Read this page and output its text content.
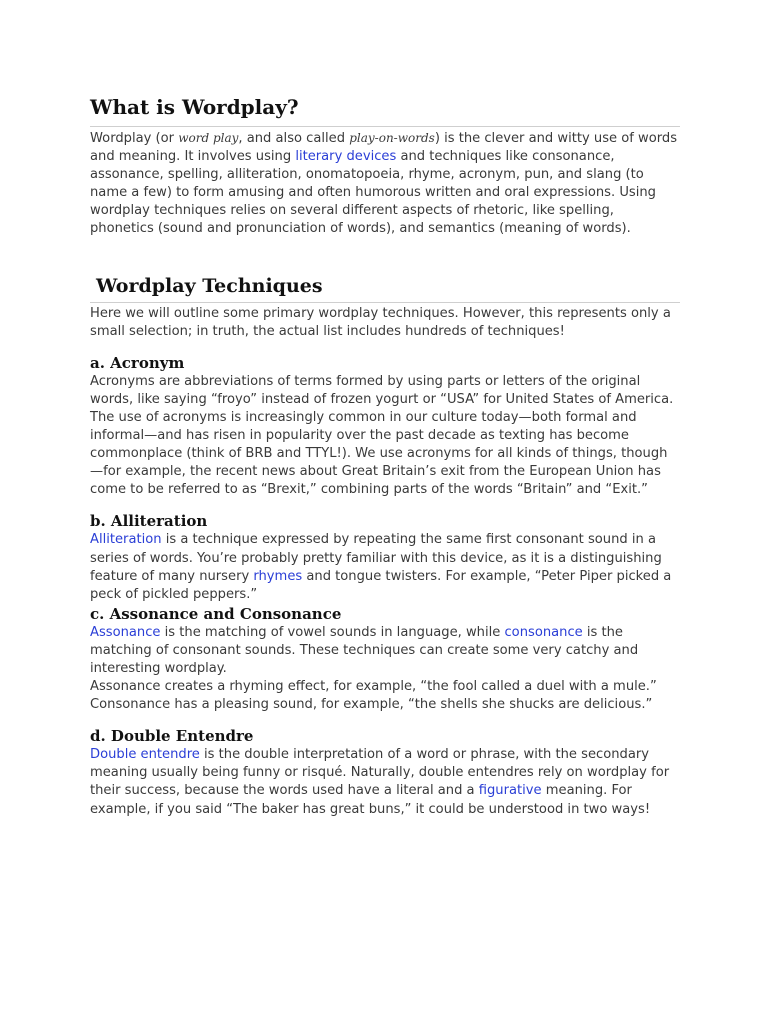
What is Wordplay?

Wordplay (or word play, and also called play-on-words) is the clever and witty use of words and meaning. It involves using literary devices and techniques like consonance, assonance, spelling, alliteration, onomatopoeia, rhyme, acronym, pun, and slang (to name a few) to form amusing and often humorous written and oral expressions. Using wordplay techniques relies on several different aspects of rhetoric, like spelling, phonetics (sound and pronunciation of words), and semantics (meaning of words).

Wordplay Techniques

Here we will outline some primary wordplay techniques. However, this represents only a small selection; in truth, the actual list includes hundreds of techniques!

a. Acronym

Acronyms are abbreviations of terms formed by using parts or letters of the original words, like saying “froyo” instead of frozen yogurt or “USA” for United States of America. The use of acronyms is increasingly common in our culture today—both formal and informal—and has risen in popularity over the past decade as texting has become commonplace (think of BRB and TTYL!). We use acronyms for all kinds of things, though—for example, the recent news about Great Britain’s exit from the European Union has come to be referred to as “Brexit,” combining parts of the words “Britain” and “Exit.”

b. Alliteration

Alliteration is a technique expressed by repeating the same first consonant sound in a series of words. You’re probably pretty familiar with this device, as it is a distinguishing feature of many nursery rhymes and tongue twisters. For example, “Peter Piper picked a peck of pickled peppers.”

c. Assonance and Consonance

Assonance is the matching of vowel sounds in language, while consonance is the matching of consonant sounds. These techniques can create some very catchy and interesting wordplay.

Assonance creates a rhyming effect, for example, “the fool called a duel with a mule.” Consonance has a pleasing sound, for example, “the shells she shucks are delicious.”

d. Double Entendre

Double entendre is the double interpretation of a word or phrase, with the secondary meaning usually being funny or risqué. Naturally, double entendres rely on wordplay for their success, because the words used have a literal and a figurative meaning. For example, if you said “The baker has great buns,” it could be understood in two ways!
